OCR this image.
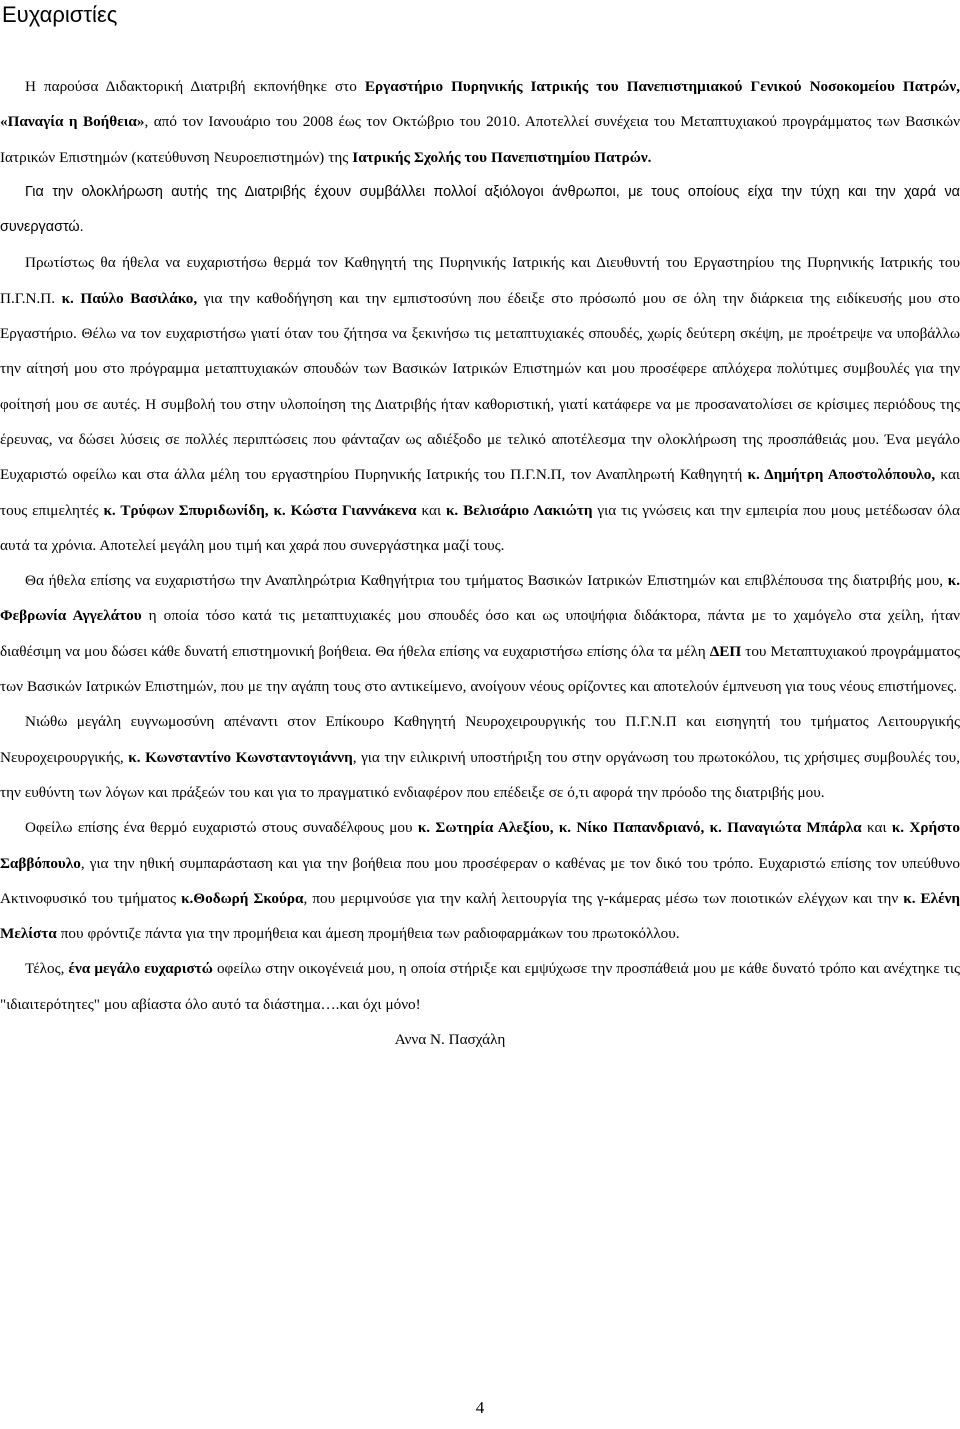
Ευχαριστίες

Η παρούσα Διδακτορική Διατριβή εκπονήθηκε στο Εργαστήριο Πυρηνικής Ιατρικής του Πανεπιστημιακού Γενικού Νοσοκομείου Πατρών, «Παναγία η Βοήθεια», από τον Ιανουάριο του 2008 έως τον Οκτώβριο του 2010. Αποτελλεί συνέχεια του Μεταπτυχιακού προγράμματος των Βασικών Ιατρικών Επιστημών (κατεύθυνση Νευροεπιστημών) της Ιατρικής Σχολής του Πανεπιστημίου Πατρών.

Για την ολοκλήρωση αυτής της Διατριβής έχουν συμβάλλει πολλοί αξιόλογοι άνθρωποι, με τους οποίους είχα την τύχη και την χαρά να συνεργαστώ.

Πρωτίστως θα ήθελα να ευχαριστήσω θερμά τον Καθηγητή της Πυρηνικής Ιατρικής και Διευθυντή του Εργαστηρίου της Πυρηνικής Ιατρικής του Π.Γ.Ν.Π. κ. Παύλο Βασιλάκο, για την καθοδήγηση και την εμπιστοσύνη που έδειξε στο πρόσωπό μου σε όλη την διάρκεια της ειδίκευσής μου στο Εργαστήριο. Θέλω να τον ευχαριστήσω γιατί όταν του ζήτησα να ξεκινήσω τις μεταπτυχιακές σπουδές, χωρίς δεύτερη σκέψη, με προέτρεψε να υποβάλλω την αίτησή μου στο πρόγραμμα μεταπτυχιακών σπουδών των Βασικών Ιατρικών Επιστημών και μου προσέφερε απλόχερα πολύτιμες συμβουλές για την φοίτησή μου σε αυτές. Η συμβολή του στην υλοποίηση της Διατριβής ήταν καθοριστική, γιατί κατάφερε να με προσανατολίσει σε κρίσιμες περιόδους της έρευνας, να δώσει λύσεις σε πολλές περιπτώσεις που φάνταζαν ως αδιέξοδο με τελικό αποτέλεσμα την ολοκλήρωση της προσπάθειάς μου. Ένα μεγάλο Ευχαριστώ οφείλω και στα άλλα μέλη του εργαστηρίου Πυρηνικής Ιατρικής του Π.Γ.Ν.Π, τον Αναπληρωτή Καθηγητή κ. Δημήτρη Αποστολόπουλο, και τους επιμελητές κ. Τρύφων Σπυριδωνίδη, κ. Κώστα Γιαννάκενα και κ. Βελισάριο Λακιώτη για τις γνώσεις και την εμπειρία που μους μετέδωσαν όλα αυτά τα χρόνια. Αποτελεί μεγάλη μου τιμή και χαρά που συνεργάστηκα μαζί τους.

Θα ήθελα επίσης να ευχαριστήσω την Αναπληρώτρια Καθηγήτρια του τμήματος Βασικών Ιατρικών Επιστημών και επιβλέπουσα της διατριβής μου, κ. Φεβρωνία Αγγελάτου η οποία τόσο κατά τις μεταπτυχιακές μου σπουδές όσο και ως υποψήφια διδάκτορα, πάντα με το χαμόγελο στα χείλη, ήταν διαθέσιμη να μου δώσει κάθε δυνατή επιστημονική βοήθεια. Θα ήθελα επίσης να ευχαριστήσω επίσης όλα τα μέλη ΔΕΠ του Μεταπτυχιακού προγράμματος των Βασικών Ιατρικών Επιστημών, που με την αγάπη τους στο αντικείμενο, ανοίγουν νέους ορίζοντες και αποτελούν έμπνευση για τους νέους επιστήμονες.

Νιώθω μεγάλη ευγνωμοσύνη απέναντι στον Επίκουρο Καθηγητή Νευροχειρουργικής του Π.Γ.Ν.Π και εισηγητή του τμήματος Λειτουργικής Νευροχειρουργικής, κ. Κωνσταντίνο Κωνσταντογιάννη, για την ειλικρινή υποστήριξη του στην οργάνωση του πρωτοκόλου, τις χρήσιμες συμβουλές του, την ευθύντη των λόγων και πράξεών του και για το πραγματικό ενδιαφέρον που επέδειξε σε ό,τι αφορά την πρόοδο της διατριβής μου.

Οφείλω επίσης ένα θερμό ευχαριστώ στους συναδέλφους μου κ. Σωτηρία Αλεξίου, κ. Νίκο Παπανδριανό, κ. Παναγιώτα Μπάρλα και κ. Χρήστο Σαββόπουλο, για την ηθική συμπαράσταση και για την βοήθεια που μου προσέφεραν ο καθένας με τον δικό του τρόπο. Ευχαριστώ επίσης τον υπεύθυνο Ακτινοφυσικό του τμήματος κ.Θοδωρή Σκούρα, που μεριμνούσε για την καλή λειτουργία της γ-κάμερας μέσω των ποιοτικών ελέγχων και την κ. Ελένη Μελίστα που φρόντιζε πάντα για την προμήθεια και άμεση προμήθεια των ραδιοφαρμάκων του πρωτοκόλλου.

Τέλος, ένα μεγάλο ευχαριστώ οφείλω στην οικογένειά μου, η οποία στήριξε και εμψύχωσε την προσπάθειά μου με κάθε δυνατό τρόπο και ανέχτηκε τις "ιδιαιτερότητες" μου αβίαστα όλο αυτό τα διάστημα….και όχι μόνο!

Αννα Ν. Πασχάλη

4
